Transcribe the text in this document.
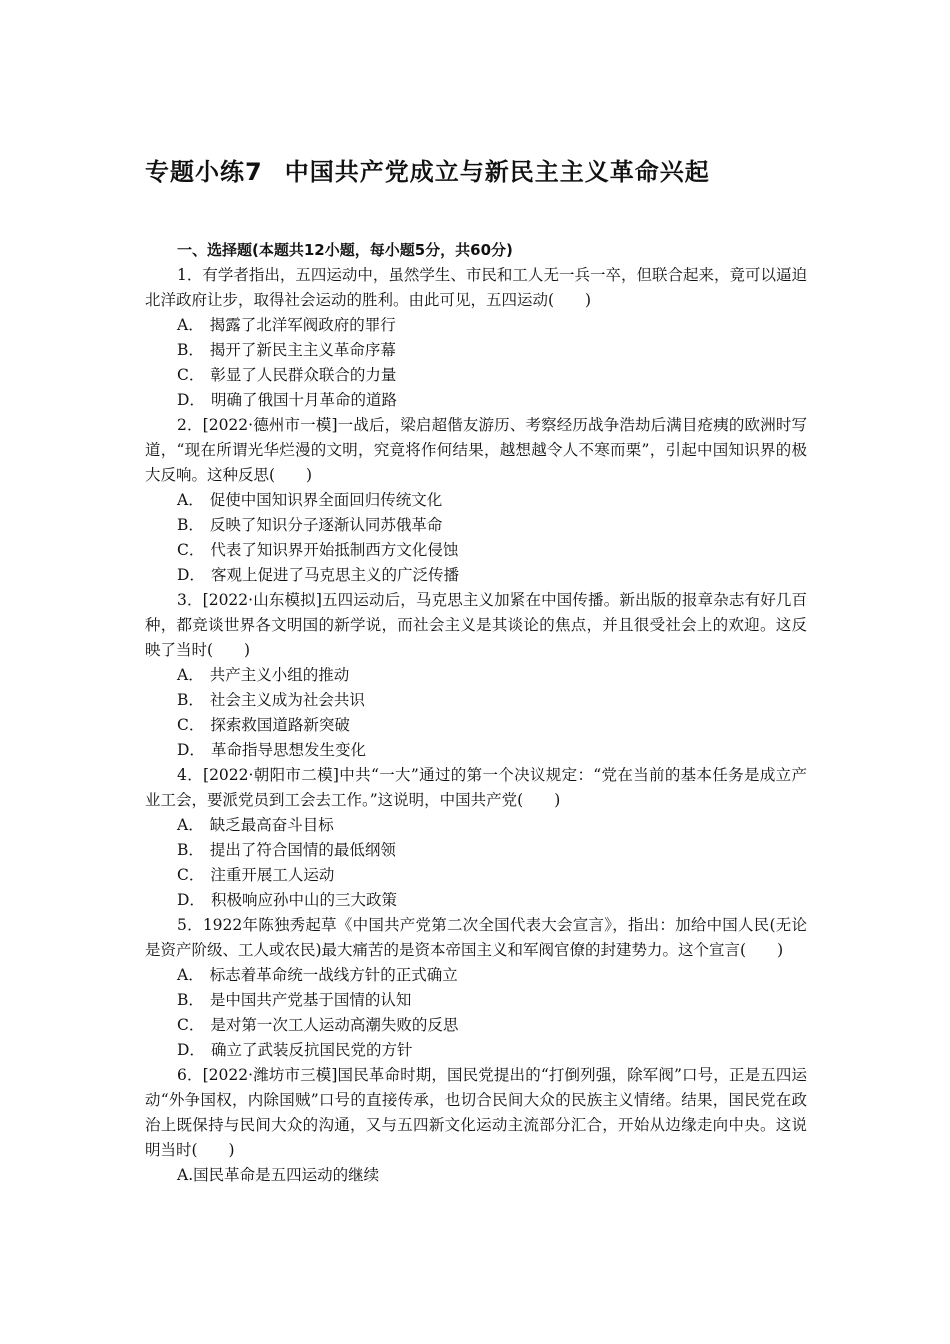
专题小练7 中国共产党成立与新民主主义革命兴起

一、选择题(本题共12小题，每小题5分，共60分)

1．有学者指出，五四运动中，虽然学生、市民和工人无一兵一卒，但联合起来，竟可以逼迫北洋政府让步，取得社会运动的胜利。由此可见，五四运动(　　)

A． 揭露了北洋军阀政府的罪行

B． 揭开了新民主主义革命序幕

C． 彰显了人民群众联合的力量

D． 明确了俄国十月革命的道路

2．[2022·德州市一模]一战后，梁启超偕友游历、考察经历战争浩劫后满目疮痍的欧洲时写道，“现在所谓光华烂漫的文明，究竟将作何结果，越想越令人不寒而栗”，引起中国知识界的极大反响。这种反思(　　)

A． 促使中国知识界全面回归传统文化

B． 反映了知识分子逐渐认同苏俄革命

C． 代表了知识界开始抵制西方文化侵蚀

D． 客观上促进了马克思主义的广泛传播

3．[2022·山东模拟]五四运动后，马克思主义加紧在中国传播。新出版的报章杂志有好几百种，都竞谈世界各文明国的新学说，而社会主义是其谈论的焦点，并且很受社会上的欢迎。这反映了当时(　　)

A． 共产主义小组的推动

B． 社会主义成为社会共识

C． 探索救国道路新突破

D． 革命指导思想发生变化

4．[2022·朝阳市二模]中共“一大”通过的第一个决议规定：“党在当前的基本任务是成立产业工会，要派党员到工会去工作。”这说明，中国共产党(　　)

A． 缺乏最高奋斗目标

B． 提出了符合国情的最低纲领

C． 注重开展工人运动

D． 积极响应孙中山的三大政策

5．1922年陈独秀起草《中国共产党第二次全国代表大会宣言》，指出：加给中国人民(无论是资产阶级、工人或农民)最大痛苦的是资本帝国主义和军阀官僚的封建势力。这个宣言(　　)

A． 标志着革命统一战线方针的正式确立

B． 是中国共产党基于国情的认知

C． 是对第一次工人运动高潮失败的反思

D． 确立了武装反抗国民党的方针

6．[2022·潍坊市三模]国民革命时期，国民党提出的“打倒列强，除军阀”口号，正是五四运动“外争国权，内除国贼”口号的直接传承，也切合民间大众的民族主义情绪。结果，国民党在政治上既保持与民间大众的沟通，又与五四新文化运动主流部分汇合，开始从边缘走向中央。这说明当时(　　)

A.国民革命是五四运动的继续
